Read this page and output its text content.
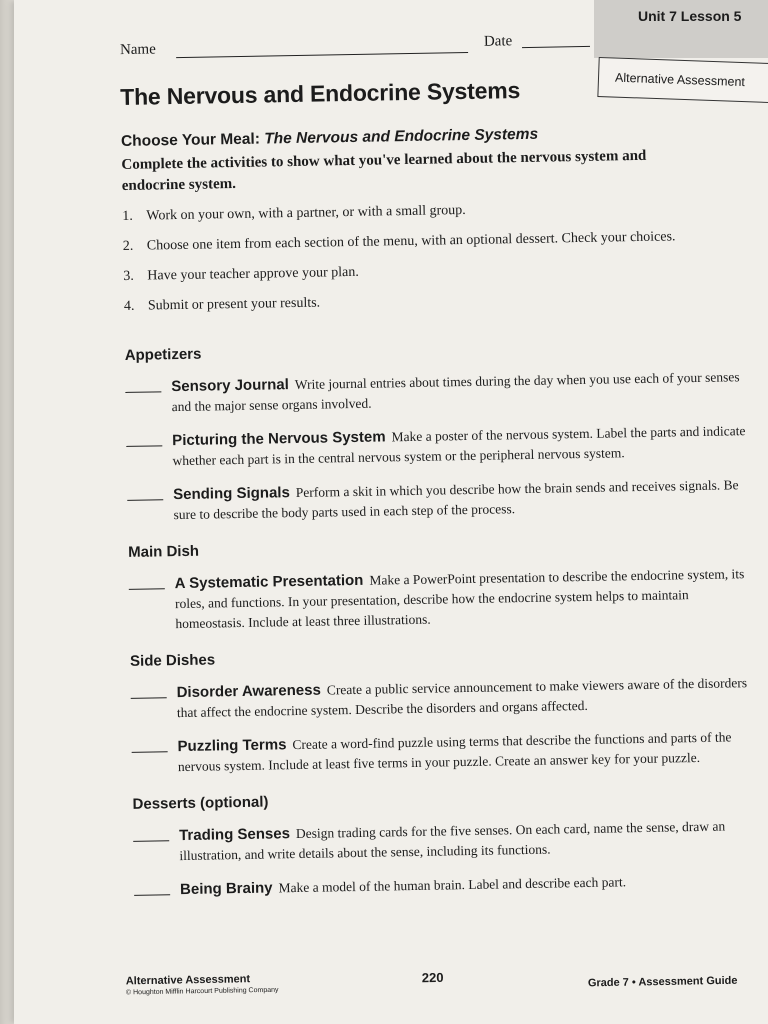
Unit 7 Lesson 5
Alternative Assessment
Name	Date
The Nervous and Endocrine Systems
Choose Your Meal: The Nervous and Endocrine Systems
Complete the activities to show what you've learned about the nervous system and endocrine system.
1. Work on your own, with a partner, or with a small group.
2. Choose one item from each section of the menu, with an optional dessert. Check your choices.
3. Have your teacher approve your plan.
4. Submit or present your results.
Appetizers
Sensory Journal Write journal entries about times during the day when you use each of your senses and the major sense organs involved.
Picturing the Nervous System Make a poster of the nervous system. Label the parts and indicate whether each part is in the central nervous system or the peripheral nervous system.
Sending Signals Perform a skit in which you describe how the brain sends and receives signals. Be sure to describe the body parts used in each step of the process.
Main Dish
A Systematic Presentation Make a PowerPoint presentation to describe the endocrine system, its roles, and functions. In your presentation, describe how the endocrine system helps to maintain homeostasis. Include at least three illustrations.
Side Dishes
Disorder Awareness Create a public service announcement to make viewers aware of the disorders that affect the endocrine system. Describe the disorders and organs affected.
Puzzling Terms Create a word-find puzzle using terms that describe the functions and parts of the nervous system. Include at least five terms in your puzzle. Create an answer key for your puzzle.
Desserts (optional)
Trading Senses Design trading cards for the five senses. On each card, name the sense, draw an illustration, and write details about the sense, including its functions.
Being Brainy Make a model of the human brain. Label and describe each part.
Alternative Assessment
© Houghton Mifflin Harcourt Publishing Company
220	Grade 7 • Assessment Guide
